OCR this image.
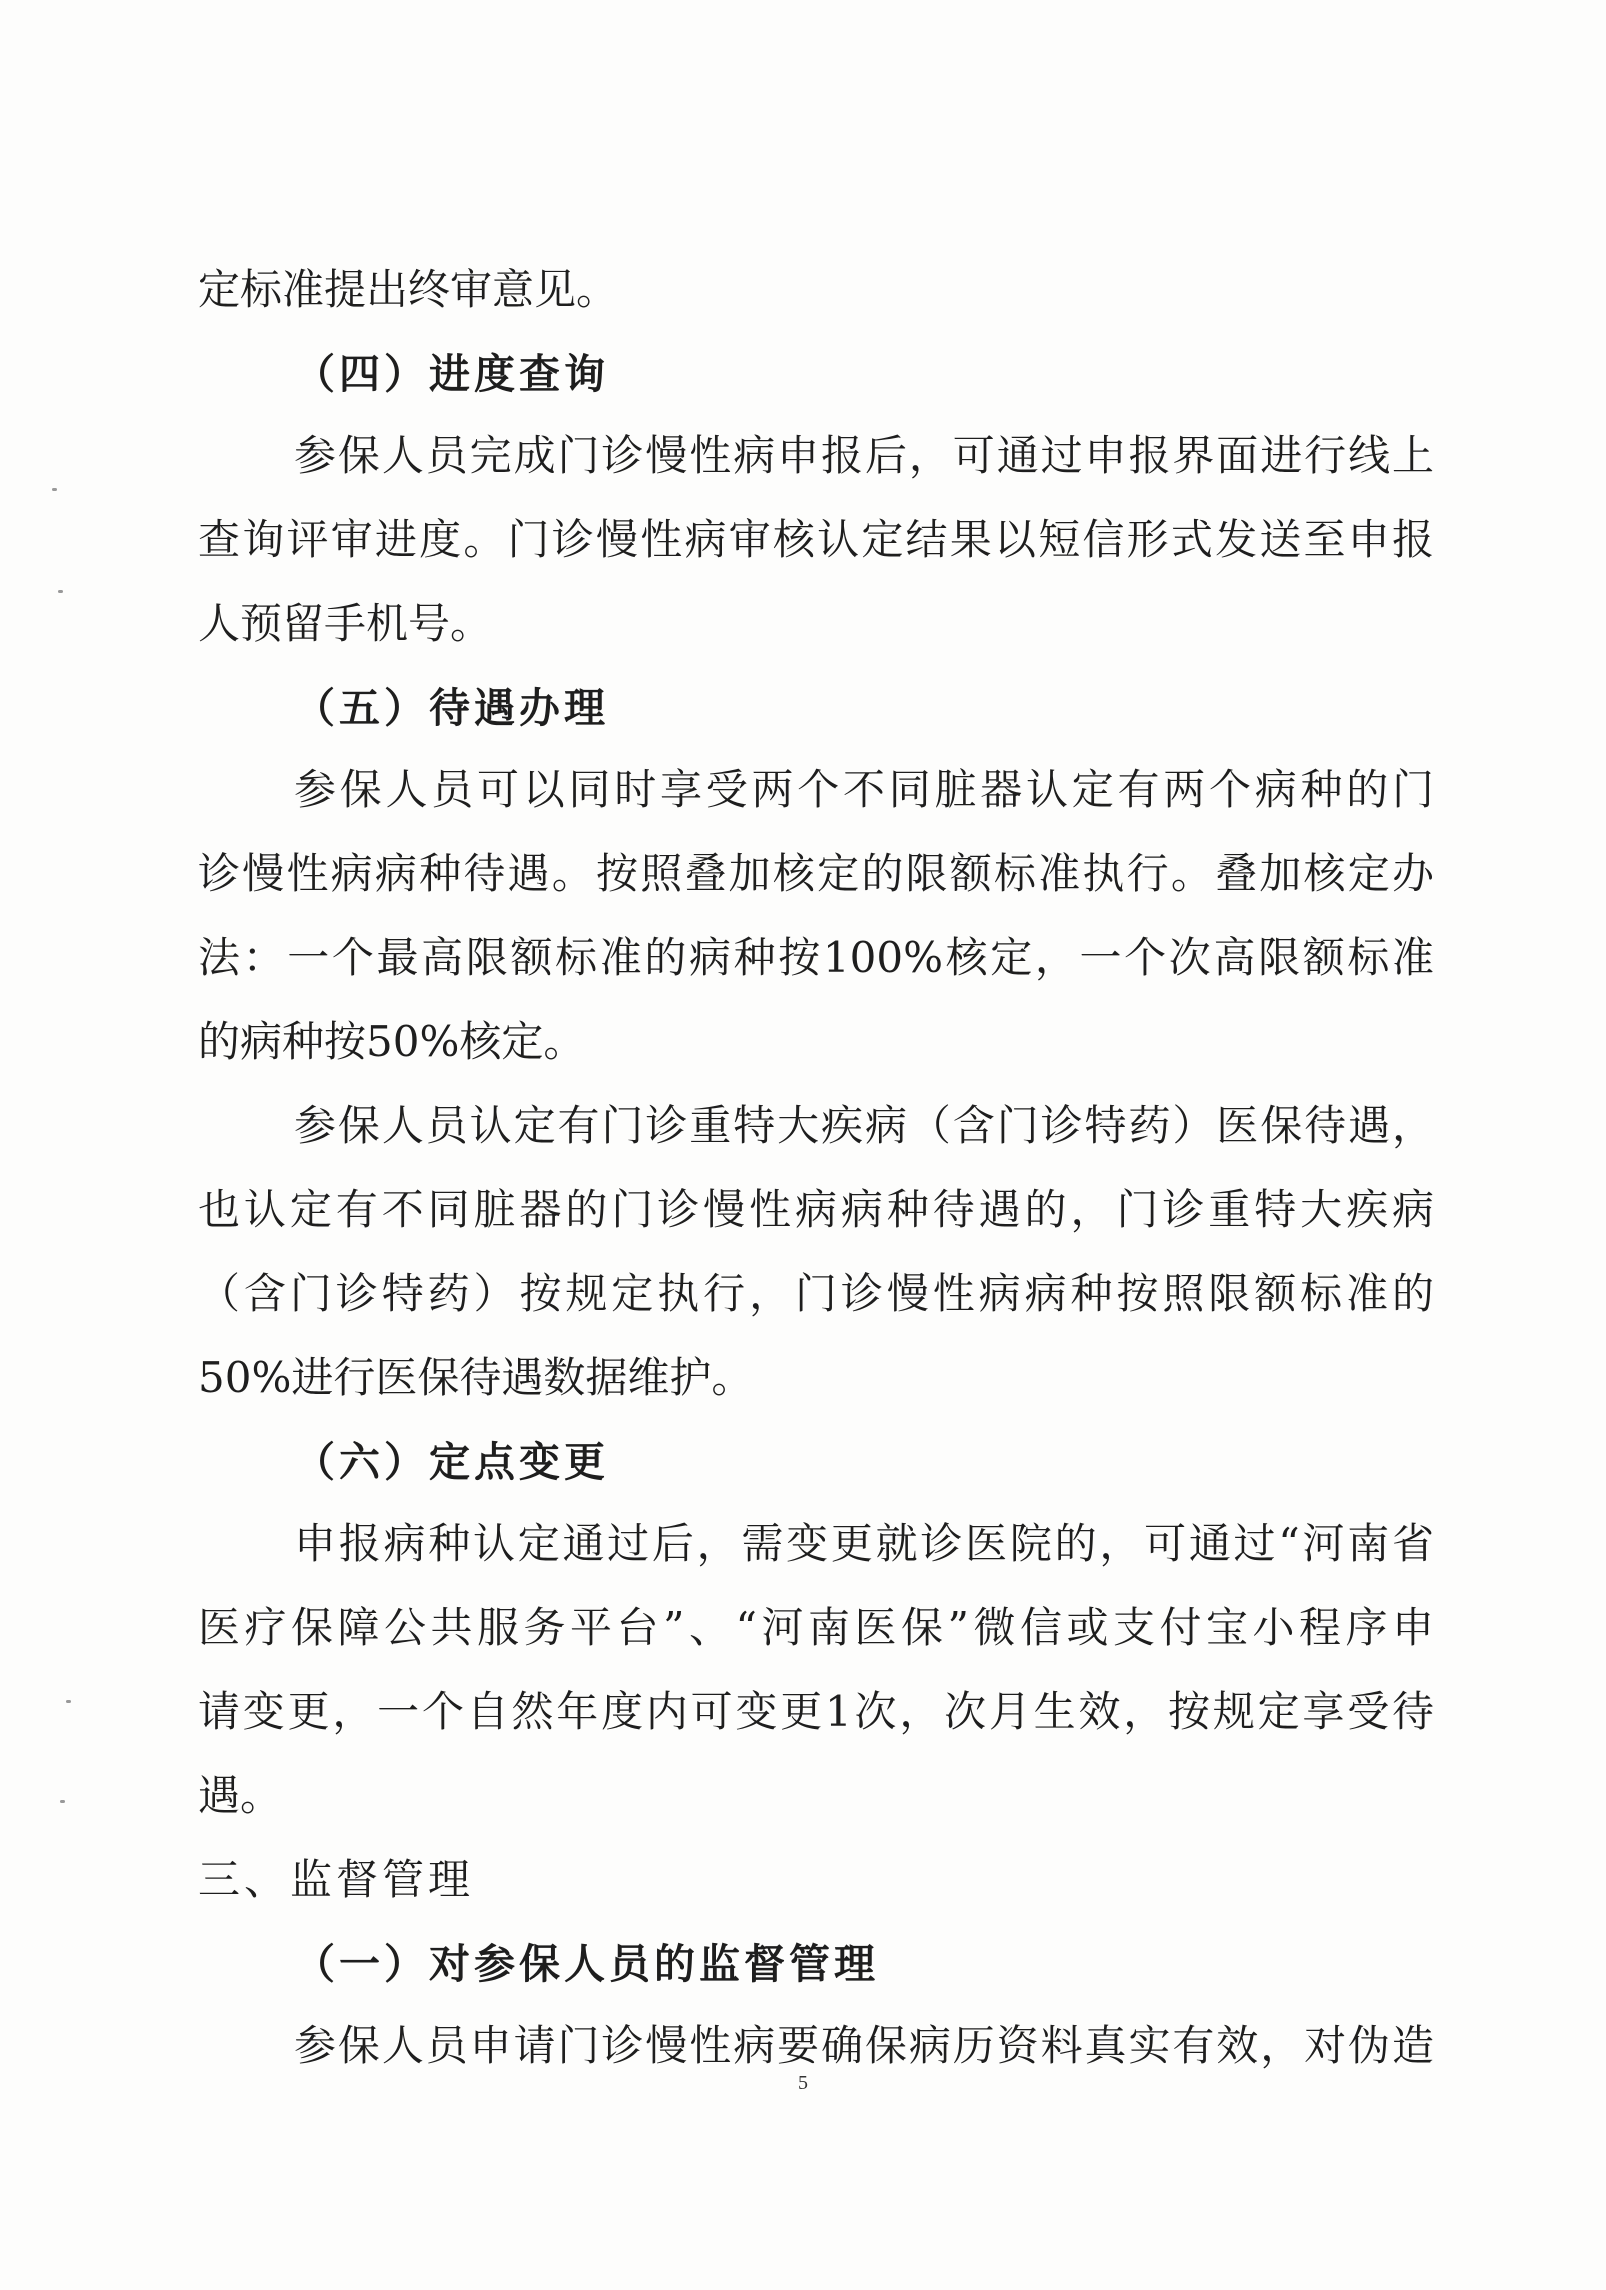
定标准提出终审意见。
（四）进度查询
参保人员完成门诊慢性病申报后，可通过申报界面进行线上
查询评审进度。门诊慢性病审核认定结果以短信形式发送至申报
人预留手机号。
（五）待遇办理
参保人员可以同时享受两个不同脏器认定有两个病种的门
诊慢性病病种待遇。按照叠加核定的限额标准执行。叠加核定办
法：一个最高限额标准的病种按100%核定，一个次高限额标准
的病种按50%核定。
参保人员认定有门诊重特大疾病（含门诊特药）医保待遇，
也认定有不同脏器的门诊慢性病病种待遇的，门诊重特大疾病
（含门诊特药）按规定执行，门诊慢性病病种按照限额标准的
50%进行医保待遇数据维护。
（六）定点变更
申报病种认定通过后，需变更就诊医院的，可通过“河南省
医疗保障公共服务平台”、“河南医保”微信或支付宝小程序申
请变更，一个自然年度内可变更1次，次月生效，按规定享受待
遇。
三、监督管理
（一）对参保人员的监督管理
参保人员申请门诊慢性病要确保病历资料真实有效，对伪造
5
